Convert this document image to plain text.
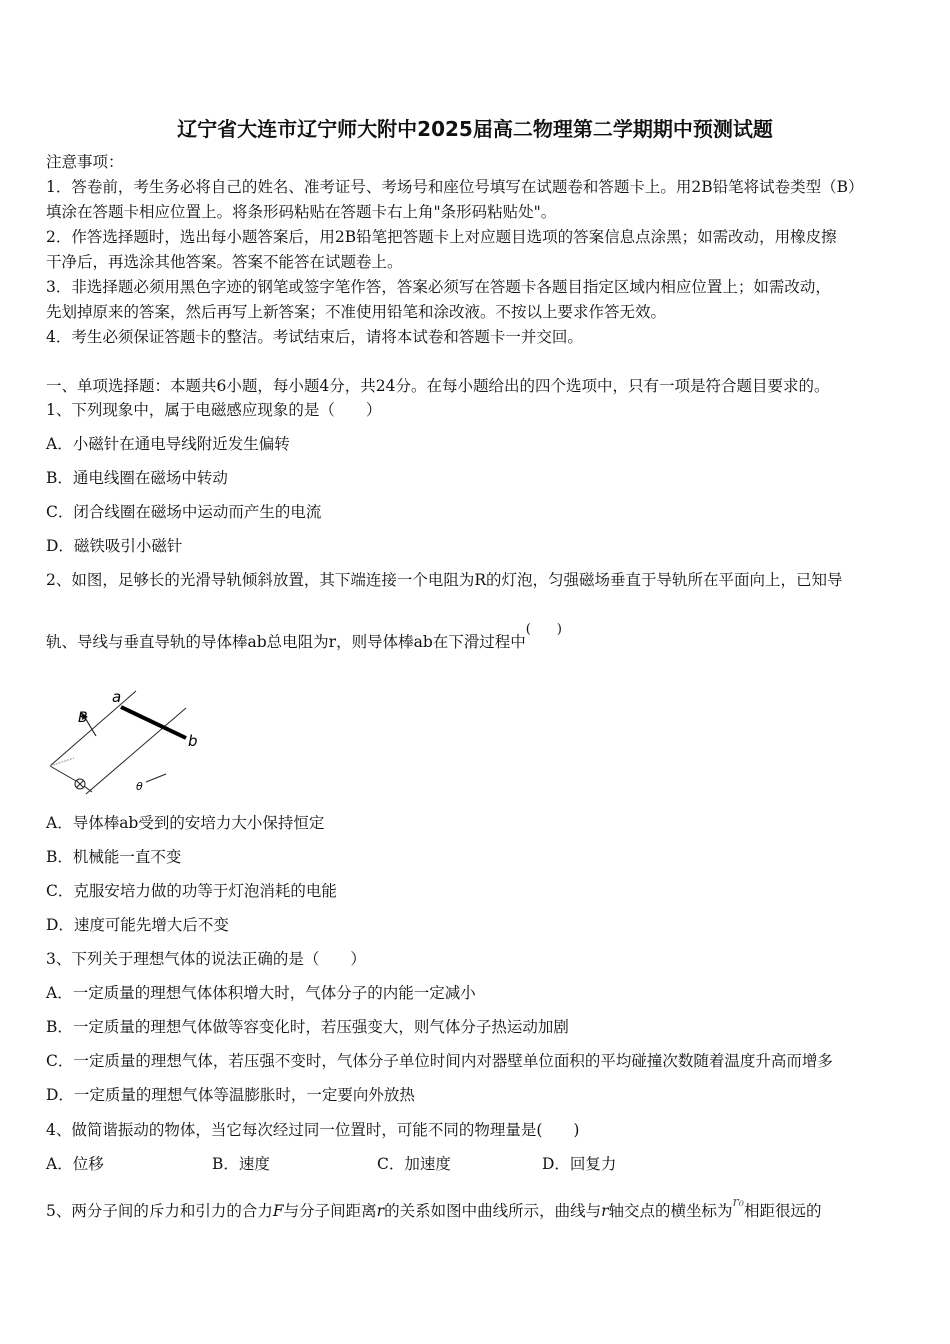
辽宁省大连市辽宁师大附中2025届高二物理第二学期期中预测试题
注意事项：
1．答卷前，考生务必将自己的姓名、准考证号、考场号和座位号填写在试题卷和答题卡上。用2B铅笔将试卷类型（B）
填涂在答题卡相应位置上。将条形码粘贴在答题卡右上角"条形码粘贴处"。
2．作答选择题时，选出每小题答案后，用2B铅笔把答题卡上对应题目选项的答案信息点涂黑；如需改动，用橡皮擦
干净后，再选涂其他答案。答案不能答在试题卷上。
3．非选择题必须用黑色字迹的钢笔或签字笔作答，答案必须写在答题卡各题目指定区域内相应位置上；如需改动，
先划掉原来的答案，然后再写上新答案；不准使用铅笔和涂改液。不按以上要求作答无效。
4．考生必须保证答题卡的整洁。考试结束后，请将本试卷和答题卡一并交回。
一、单项选择题：本题共6小题，每小题4分，共24分。在每小题给出的四个选项中，只有一项是符合题目要求的。
1、下列现象中，属于电磁感应现象的是（　　）
A．小磁针在通电导线附近发生偏转
B．通电线圈在磁场中转动
C．闭合线圈在磁场中运动而产生的电流
D．磁铁吸引小磁针
2、如图，足够长的光滑导轨倾斜放置，其下端连接一个电阻为R的灯泡，匀强磁场垂直于导轨所在平面向上，已知导
轨、导线与垂直导轨的导体棒ab总电阻为r，则导体棒ab在下滑过程中(　　)
a
b
B
θ
A．导体棒ab受到的安培力大小保持恒定
B．机械能一直不变
C．克服安培力做的功等于灯泡消耗的电能
D．速度可能先增大后不变
3、下列关于理想气体的说法正确的是（　　）
A．一定质量的理想气体体积增大时，气体分子的内能一定减小
B．一定质量的理想气体做等容变化时，若压强变大，则气体分子热运动加剧
C．一定质量的理想气体，若压强不变时，气体分子单位时间内对器壁单位面积的平均碰撞次数随着温度升高而增多
D．一定质量的理想气体等温膨胀时，一定要向外放热
4、做简谐振动的物体，当它每次经过同一位置时，可能不同的物理量是(　　)
A．位移	B．速度	C．加速度	D．回复力
5、两分子间的斥力和引力的合力F与分子间距离r的关系如图中曲线所示，曲线与r轴交点的横坐标为$^{r_0}$相距很远的
